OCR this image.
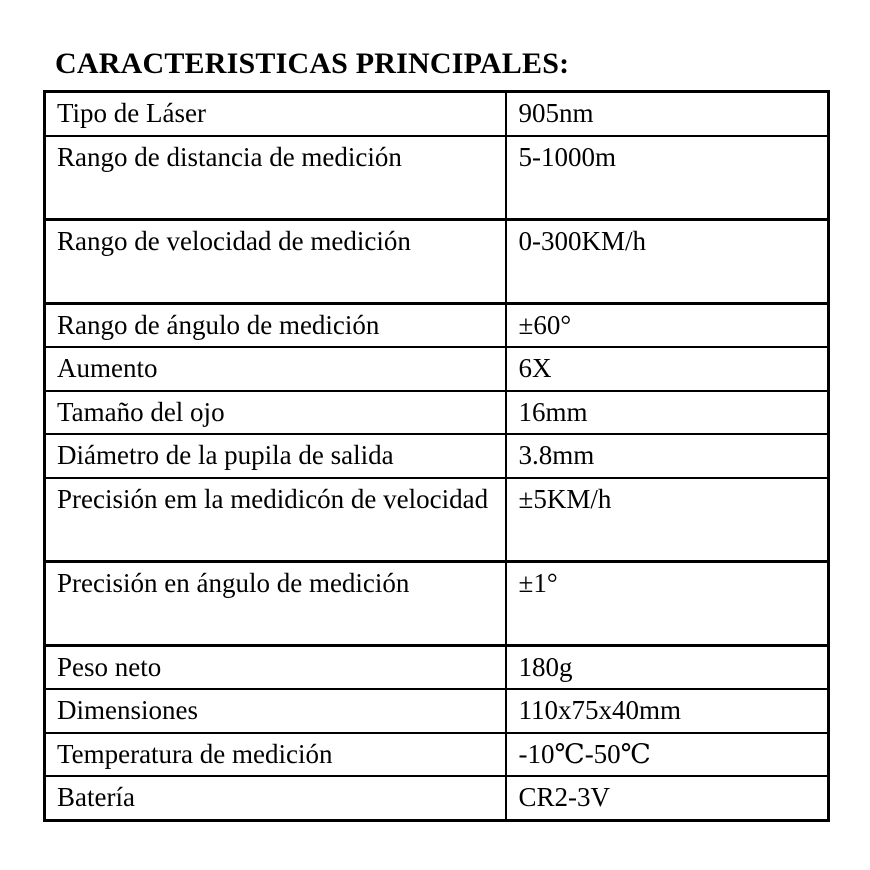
CARACTERISTICAS PRINCIPALES:
Tipo de Láser	905nm

Rango de distancia de medición	5-1000m

Rango de velocidad de medición	0-300KM/h

Rango de ángulo de medición	±60°

Aumento	6X

Tamaño del ojo	16mm

Diámetro de la pupila de salida	3.8mm

Precisión em la medidicón de velocidad	±5KM/h

Precisión en ángulo de medición	±1°

Peso neto	180g

Dimensiones	110x75x40mm

Temperatura de medición	-10℃-50℃

Batería	CR2-3V
